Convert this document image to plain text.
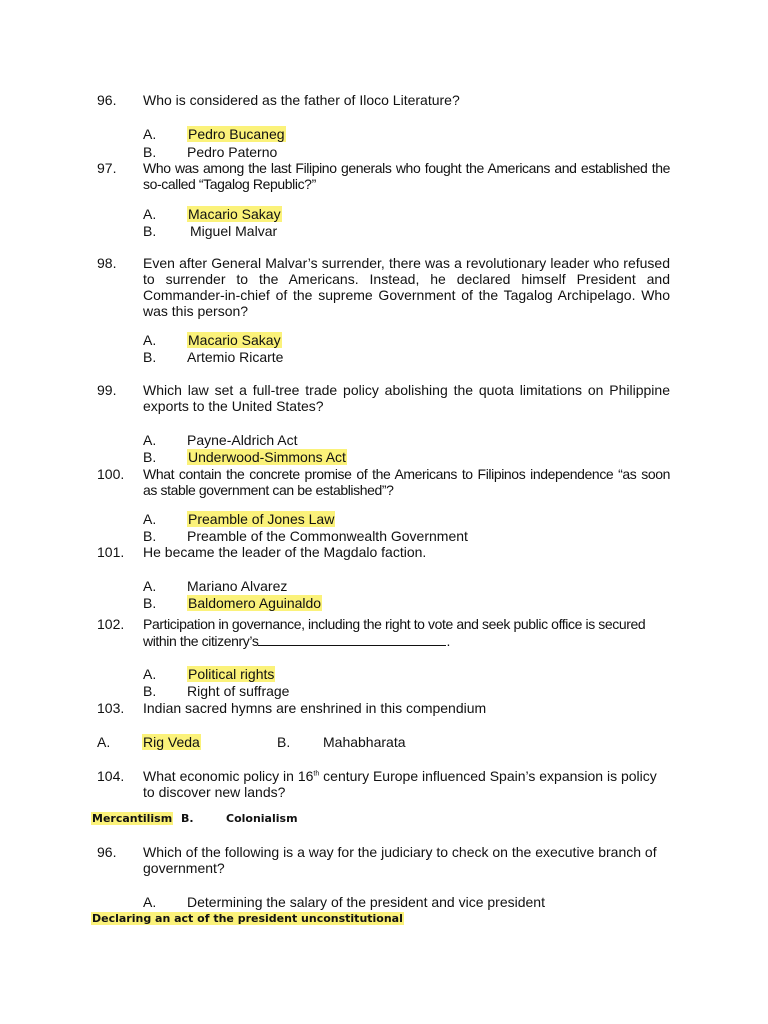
96. Who is considered as the father of Iloco Literature?
A. Pedro Bucaneg
B. Pedro Paterno
97. Who was among the last Filipino generals who fought the Americans and established the so-called “Tagalog Republic?”
A. Macario Sakay
B. Miguel Malvar
98. Even after General Malvar’s surrender, there was a revolutionary leader who refused to surrender to the Americans. Instead, he declared himself President and Commander-in-chief of the supreme Government of the Tagalog Archipelago. Who was this person?
A. Macario Sakay
B. Artemio Ricarte
99. Which law set a full-tree trade policy abolishing the quota limitations on Philippine exports to the United States?
A. Payne-Aldrich Act
B. Underwood-Simmons Act
100. What contain the concrete promise of the Americans to Filipinos independence “as soon as stable government can be established”?
A. Preamble of Jones Law
B. Preamble of the Commonwealth Government
101. He became the leader of the Magdalo faction.
A. Mariano Alvarez
B. Baldomero Aguinaldo
102. Participation in governance, including the right to vote and seek public office is secured
within the citizenry’s	.
A. Political rights
B. Right of suffrage
103. Indian sacred hymns are enshrined in this compendium
A. Rig Veda	B. Mahabharata
104. What economic policy in 16th century Europe influenced Spain’s expansion is policy
to discover new lands?
Mercantilism B.	Colonialism
96. Which of the following is a way for the judiciary to check on the executive branch of government?
A. Determining the salary of the president and vice president
Declaring an act of the president unconstitutional
